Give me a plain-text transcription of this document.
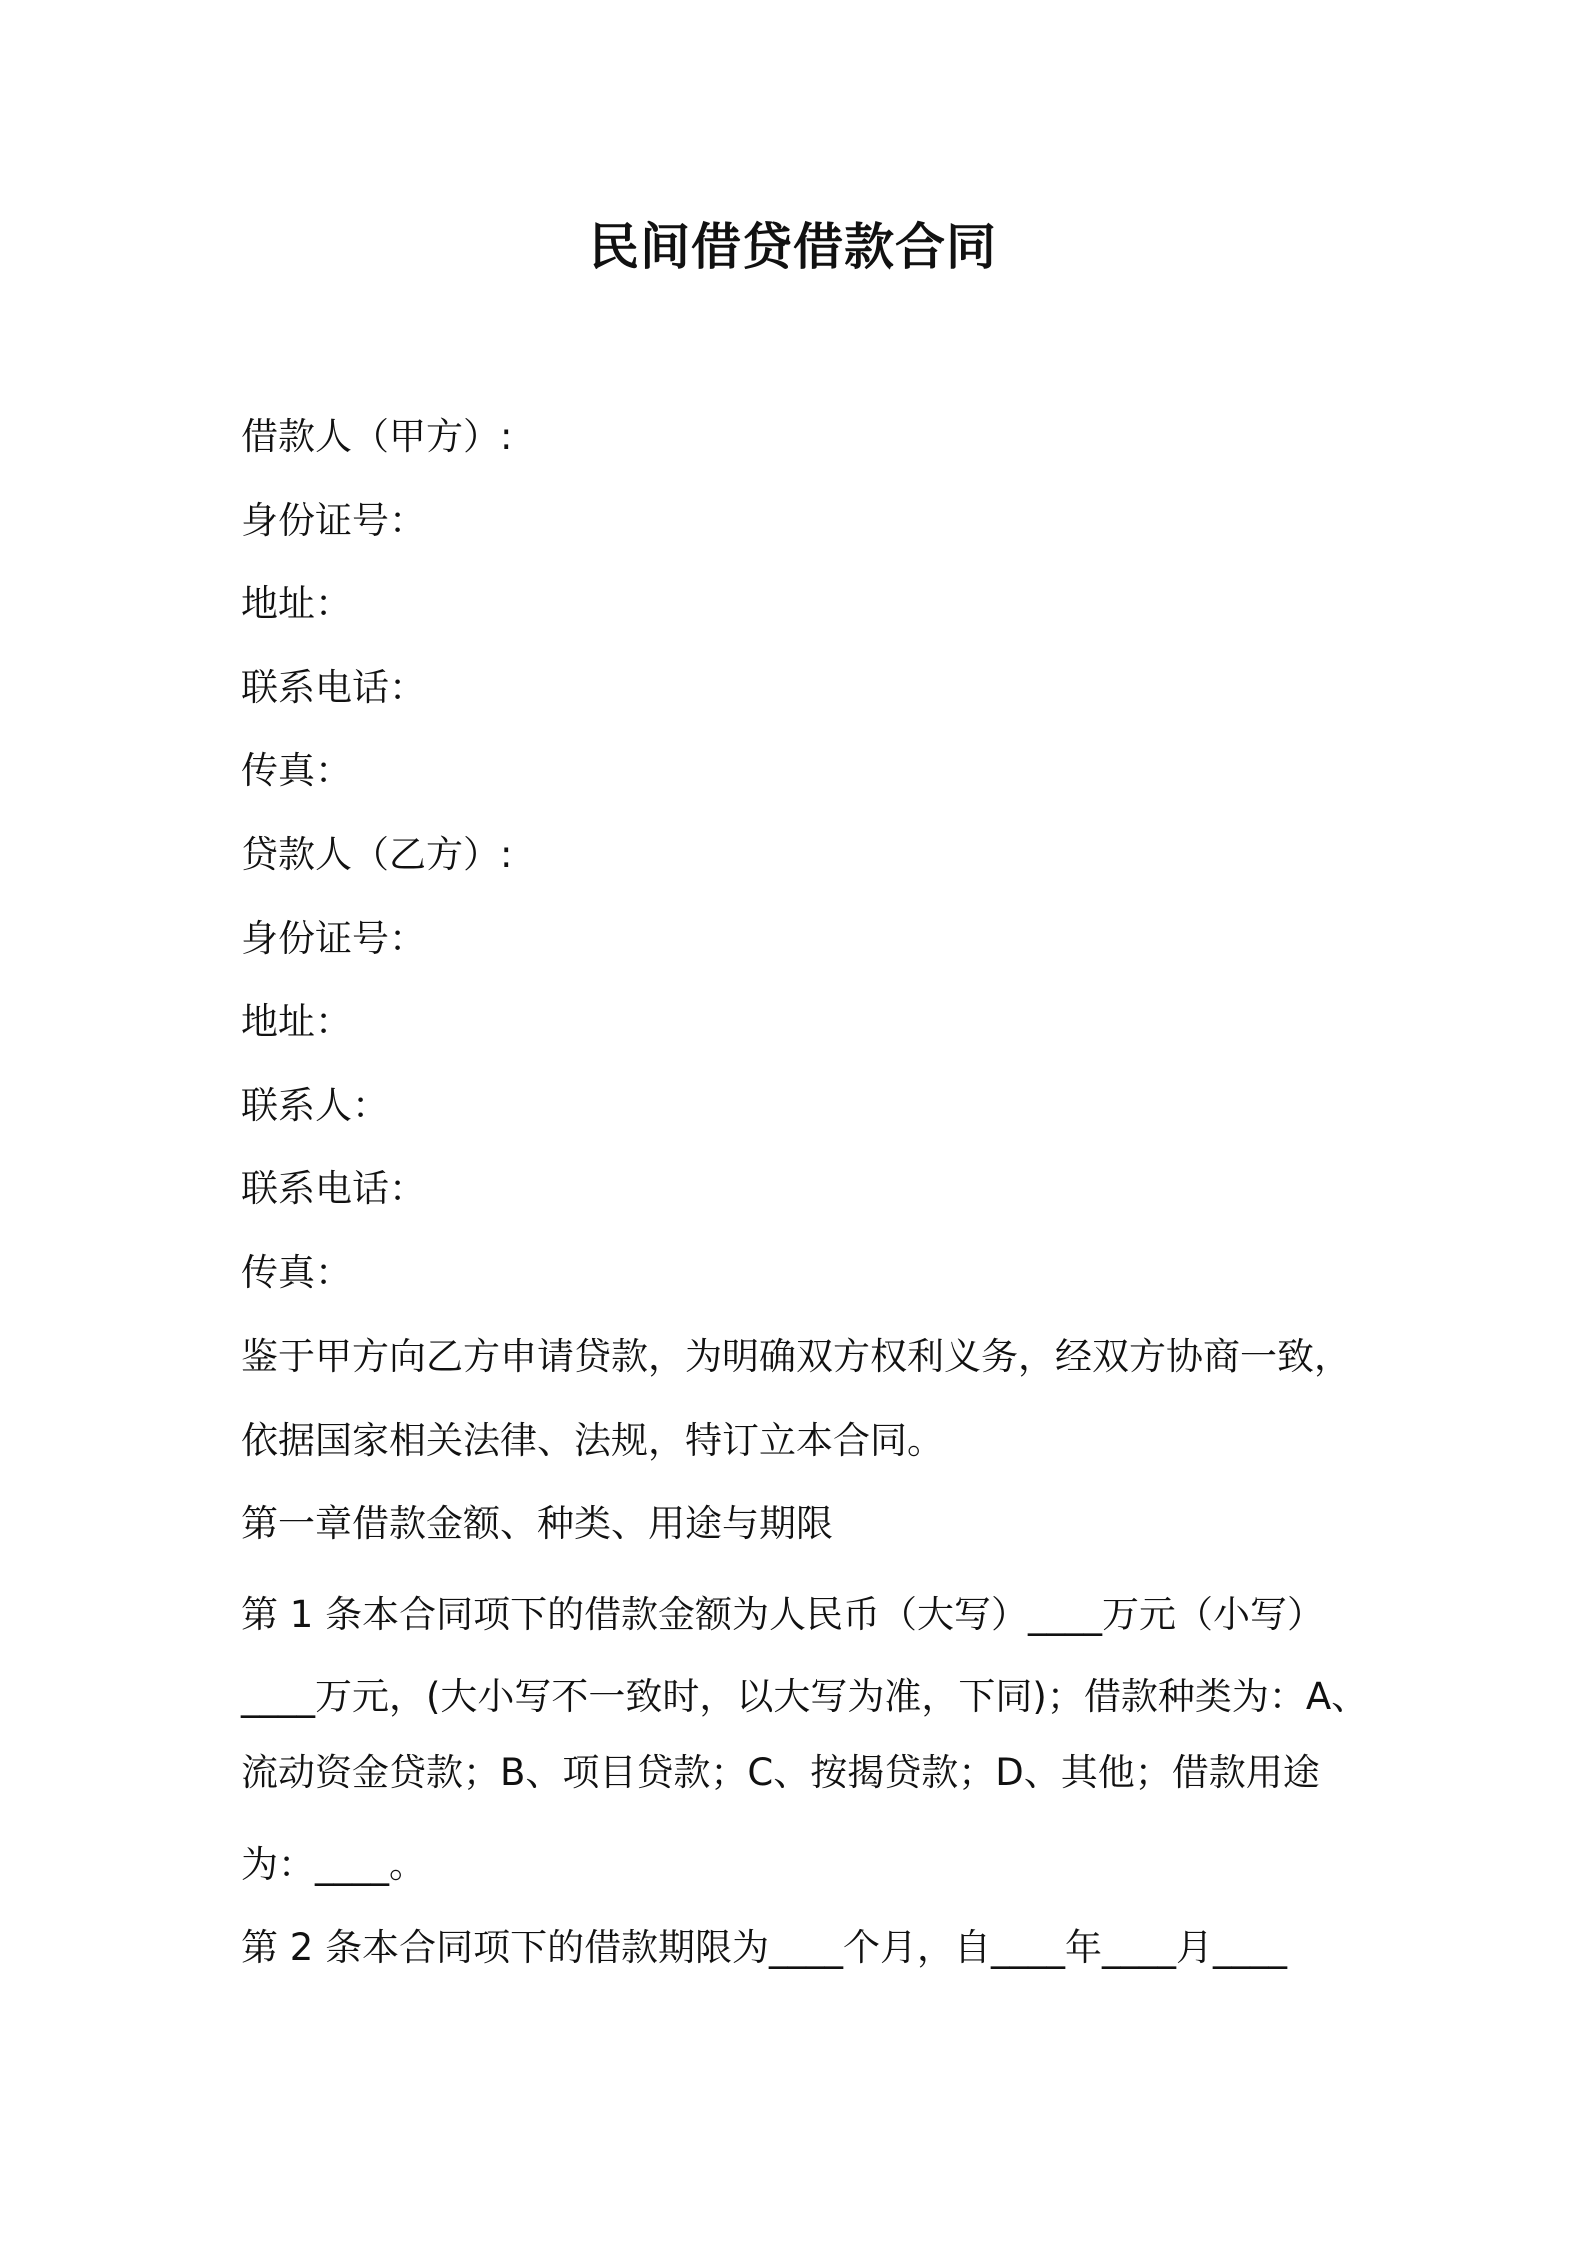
民间借贷借款合同
借款人（甲方）:
身份证号：
地址：
联系电话：
传真：
贷款人（乙方）:
身份证号：
地址：
联系人：
联系电话：
传真：
鉴于甲方向乙方申请贷款，为明确双方权利义务，经双方协商一致，
依据国家相关法律、法规，特订立本合同。
第一章借款金额、种类、用途与期限
第 1 条本合同项下的借款金额为人民币（大写）____万元（小写）
____万元，(大小写不一致时，以大写为准，下同)；借款种类为：A、
流动资金贷款；B、项目贷款；C、按揭贷款；D、其他；借款用途
为：____。
第 2 条本合同项下的借款期限为____个月，自____年____月____
